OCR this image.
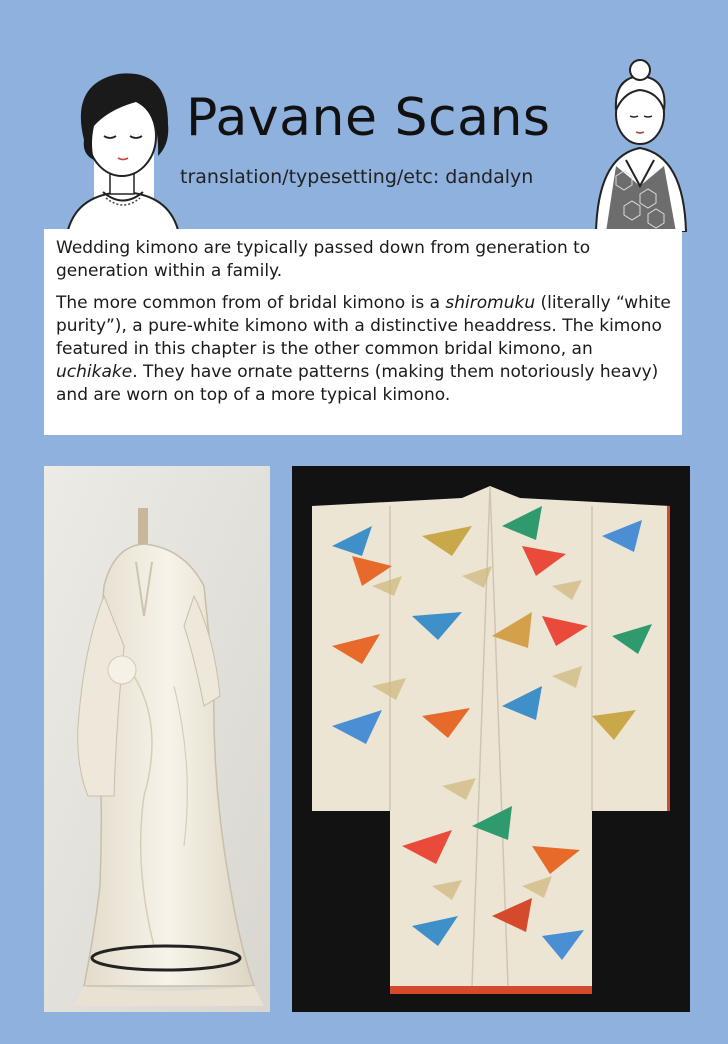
Pavane Scans

translation/typesetting/etc: dandalyn

Wedding kimono are typically passed down from generation to generation within a family.

The more common from of bridal kimono is a shiromuku (literally “white purity”), a pure-white kimono with a distinctive headdress. The kimono featured in this chapter is the other common bridal kimono, an uchikake. They have ornate patterns (making them notoriously heavy) and are worn on top of a more typical kimono.
